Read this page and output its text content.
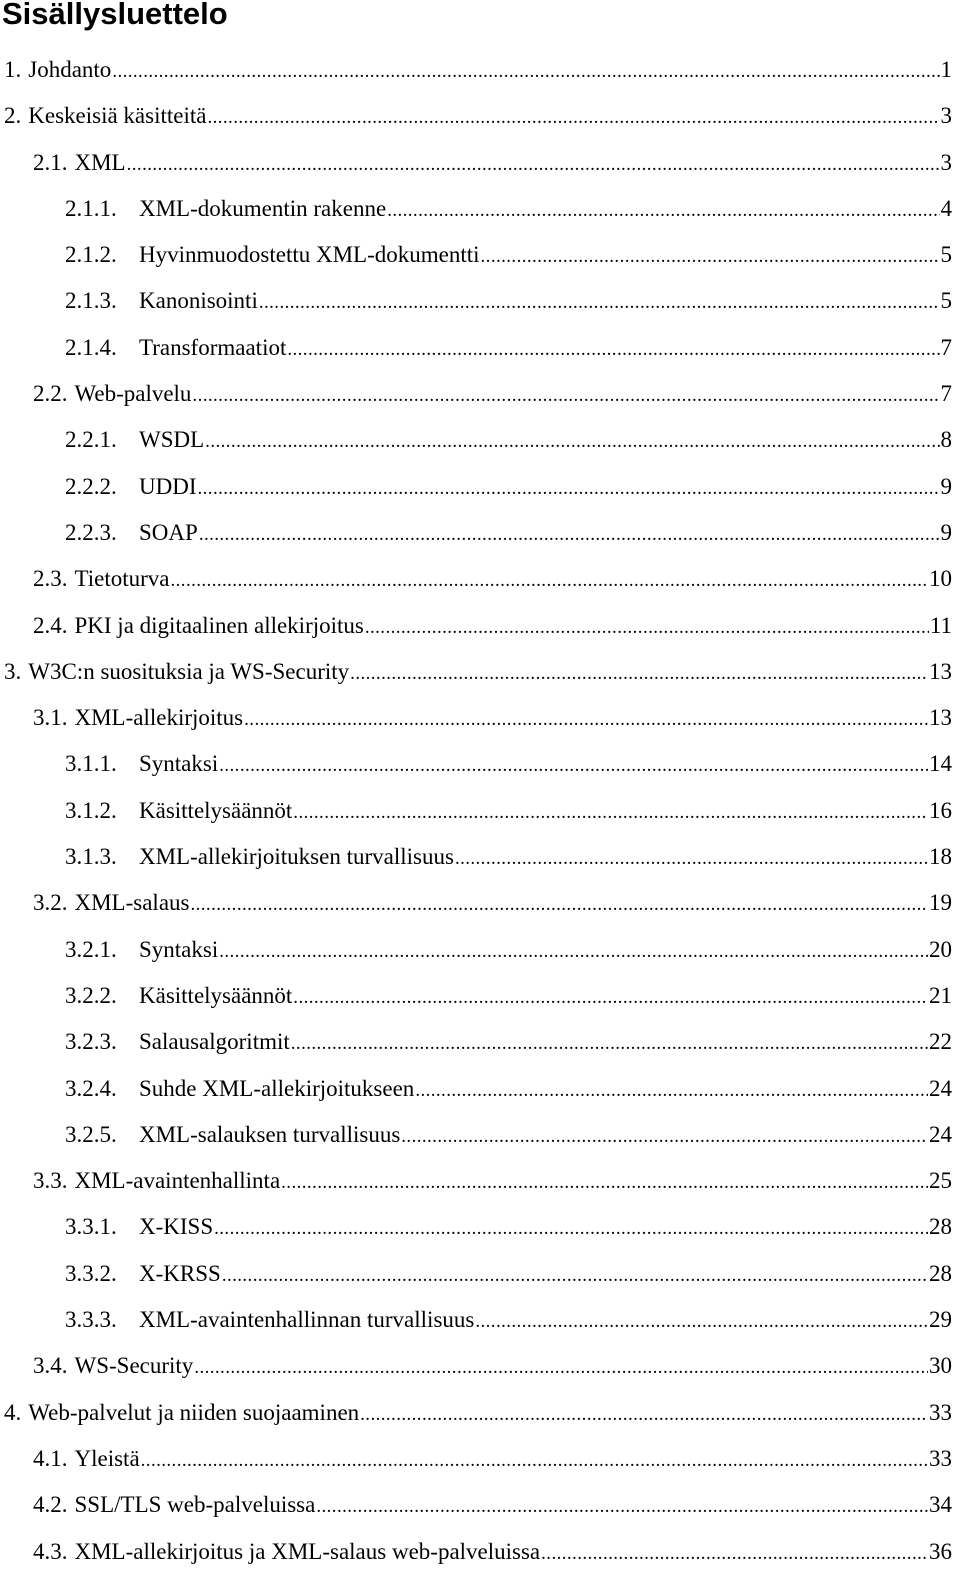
Sisällysluettelo
1. Johdanto .....	1
2. Keskeisiä käsitteitä .....	3
2.1. XML .....	3
2.1.1. XML-dokumentin rakenne .....	4
2.1.2. Hyvinmuodostettu XML-dokumentti .....	5
2.1.3. Kanonisointi .....	5
2.1.4. Transformaatiot .....	7
2.2. Web-palvelu .....	7
2.2.1. WSDL .....	8
2.2.2. UDDI .....	9
2.2.3. SOAP .....	9
2.3. Tietoturva .....	10
2.4. PKI ja digitaalinen allekirjoitus .....	11
3. W3C:n suosituksia ja WS-Security .....	13
3.1. XML-allekirjoitus .....	13
3.1.1. Syntaksi .....	14
3.1.2. Käsittelysäännöt .....	16
3.1.3. XML-allekirjoituksen turvallisuus .....	18
3.2. XML-salaus .....	19
3.2.1. Syntaksi .....	20
3.2.2. Käsittelysäännöt .....	21
3.2.3. Salausalgoritmit .....	22
3.2.4. Suhde XML-allekirjoitukseen .....	24
3.2.5. XML-salauksen turvallisuus .....	24
3.3. XML-avaintenhallinta .....	25
3.3.1. X-KISS .....	28
3.3.2. X-KRSS .....	28
3.3.3. XML-avaintenhallinnan turvallisuus .....	29
3.4. WS-Security .....	30
4. Web-palvelut ja niiden suojaaminen .....	33
4.1. Yleistä .....	33
4.2. SSL/TLS web-palveluissa .....	34
4.3. XML-allekirjoitus ja XML-salaus web-palveluissa .....	36
